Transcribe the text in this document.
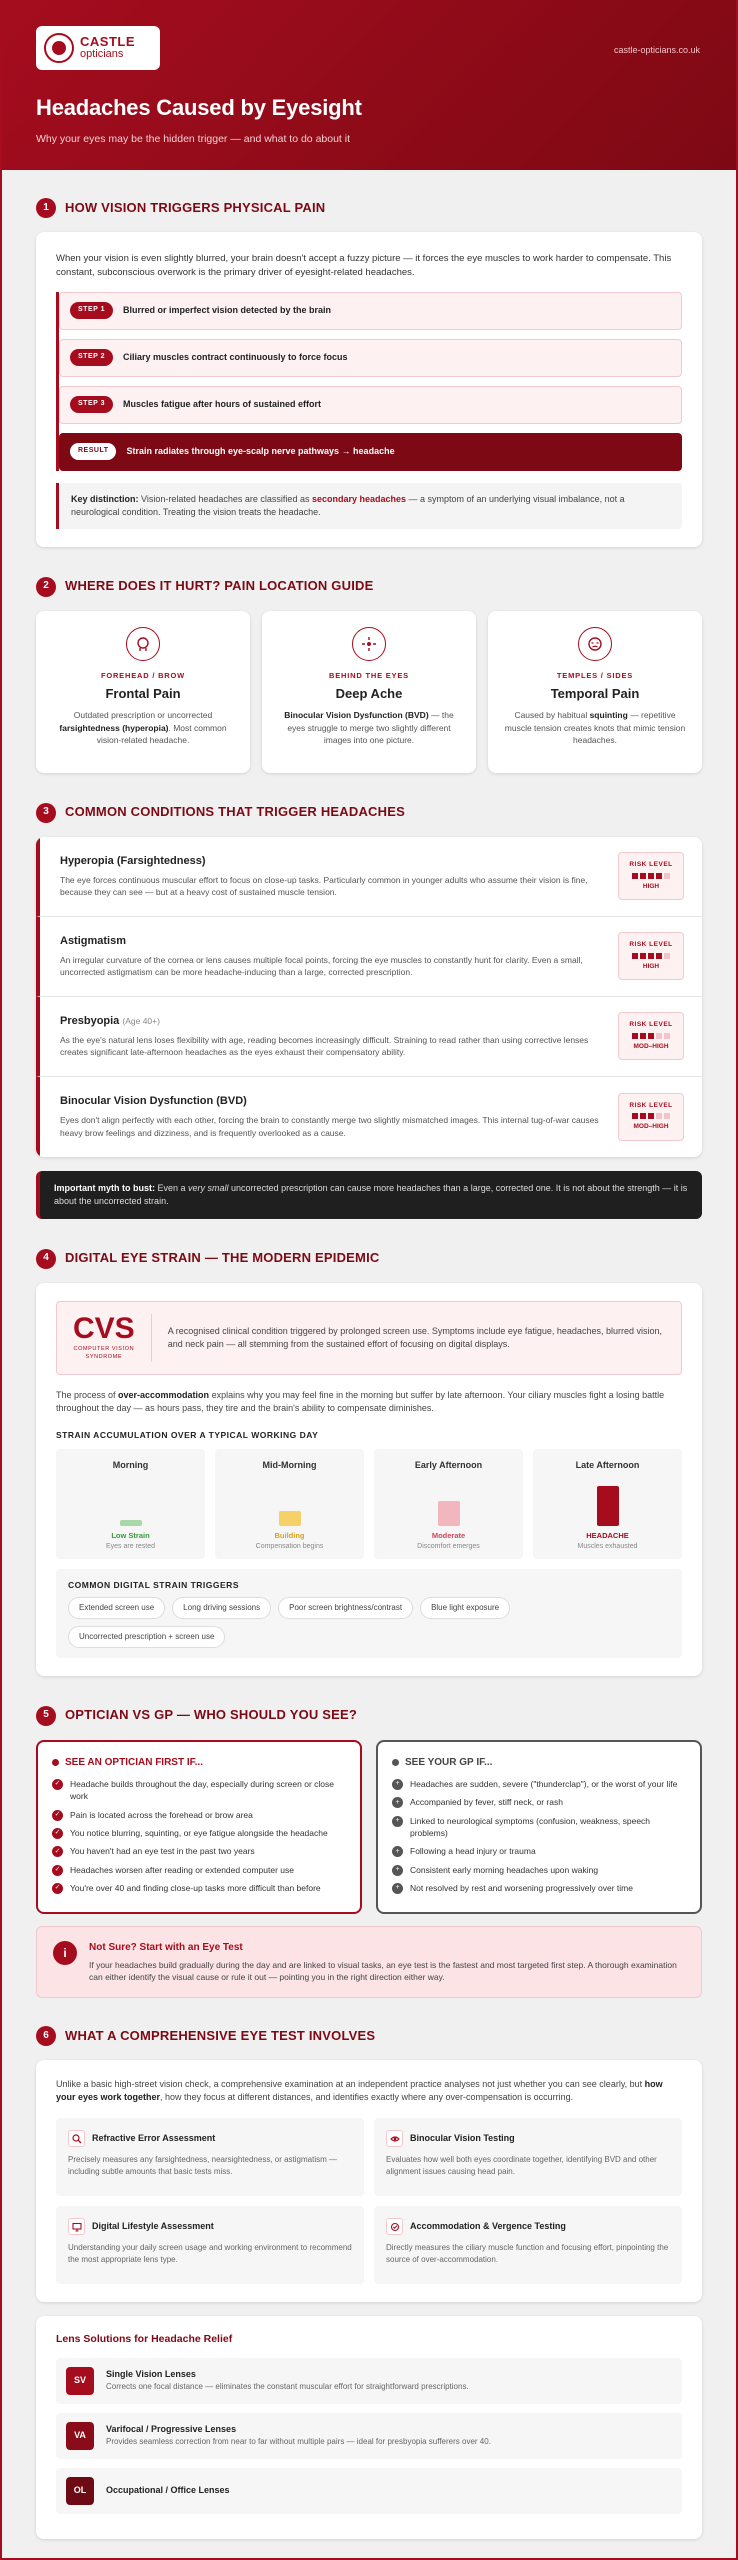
CASTLE
opticians	castle-opticians.co.uk
Headaches Caused by Eyesight
Why your eyes may be the hidden trigger — and what to do about it
1	HOW VISION TRIGGERS PHYSICAL PAIN

When your vision is even slightly blurred, your brain doesn't accept a fuzzy picture — it forces the eye muscles to work harder to compensate. This constant, subconscious overwork is the primary driver of eyesight-related headaches.

STEP 1	Blurred or imperfect vision detected by the brain
STEP 2	Ciliary muscles contract continuously to force focus
STEP 3	Muscles fatigue after hours of sustained effort
RESULT	Strain radiates through eye-scalp nerve pathways → headache
Key distinction: Vision-related headaches are classified as secondary headaches — a symptom of an underlying visual imbalance, not a neurological condition. Treating the vision treats the headache.
2	WHERE DOES IT HURT? PAIN LOCATION GUIDE
FOREHEAD / BROW
Frontal Pain
Outdated prescription or uncorrected farsightedness (hyperopia). Most common vision-related headache.
BEHIND THE EYES
Deep Ache
Binocular Vision Dysfunction (BVD) — the eyes struggle to merge two slightly different images into one picture.
TEMPLES / SIDES
Temporal Pain
Caused by habitual squinting — repetitive muscle tension creates knots that mimic tension headaches.
3	COMMON CONDITIONS THAT TRIGGER HEADACHES
Hyperopia (Farsightedness)
The eye forces continuous muscular effort to focus on close-up tasks. Particularly common in younger adults who assume their vision is fine, because they can see — but at a heavy cost of sustained muscle tension.
RISK LEVEL
HIGH
Astigmatism
An irregular curvature of the cornea or lens causes multiple focal points, forcing the eye muscles to constantly hunt for clarity. Even a small, uncorrected astigmatism can be more headache-inducing than a large, corrected prescription.
RISK LEVEL
HIGH
Presbyopia (Age 40+)
As the eye's natural lens loses flexibility with age, reading becomes increasingly difficult. Straining to read rather than using corrective lenses creates significant late-afternoon headaches as the eyes exhaust their compensatory ability.
RISK LEVEL
MOD–HIGH
Binocular Vision Dysfunction (BVD)
Eyes don't align perfectly with each other, forcing the brain to constantly merge two slightly mismatched images. This internal tug-of-war causes heavy brow feelings and dizziness, and is frequently overlooked as a cause.
RISK LEVEL
MOD–HIGH
Important myth to bust: Even a very small uncorrected prescription can cause more headaches than a large, corrected one. It is not about the strength — it is about the uncorrected strain.
4	DIGITAL EYE STRAIN — THE MODERN EPIDEMIC
CVS
COMPUTER VISION SYNDROME
A recognised clinical condition triggered by prolonged screen use. Symptoms include eye fatigue, headaches, blurred vision, and neck pain — all stemming from the sustained effort of focusing on digital displays.

The process of over-accommodation explains why you may feel fine in the morning but suffer by late afternoon. Your ciliary muscles fight a losing battle throughout the day — as hours pass, they tire and the brain's ability to compensate diminishes.

STRAIN ACCUMULATION OVER A TYPICAL WORKING DAY
Morning
Low Strain
Eyes are rested
Mid-Morning
Building
Compensation begins
Early Afternoon
Moderate
Discomfort emerges
Late Afternoon
HEADACHE
Muscles exhausted
COMMON DIGITAL STRAIN TRIGGERS
Extended screen use	Long driving sessions	Poor screen brightness/contrast	Blue light exposure
Uncorrected prescription + screen use
5	OPTICIAN VS GP — WHO SHOULD YOU SEE?
SEE AN OPTICIAN FIRST IF...
✓	Headache builds throughout the day, especially during screen or close work
✓	Pain is located across the forehead or brow area
✓	You notice blurring, squinting, or eye fatigue alongside the headache
✓	You haven't had an eye test in the past two years
✓	Headaches worsen after reading or extended computer use
✓	You're over 40 and finding close-up tasks more difficult than before
SEE YOUR GP IF...
+	Headaches are sudden, severe ("thunderclap"), or the worst of your life
+	Accompanied by fever, stiff neck, or rash
+	Linked to neurological symptoms (confusion, weakness, speech problems)
+	Following a head injury or trauma
+	Consistent early morning headaches upon waking
+	Not resolved by rest and worsening progressively over time
i	Not Sure? Start with an Eye Test
If your headaches build gradually during the day and are linked to visual tasks, an eye test is the fastest and most targeted first step. A thorough examination can either identify the visual cause or rule it out — pointing you in the right direction either way.
6	WHAT A COMPREHENSIVE EYE TEST INVOLVES

Unlike a basic high-street vision check, a comprehensive examination at an independent practice analyses not just whether you can see clearly, but how your eyes work together, how they focus at different distances, and identifies exactly where any over-compensation is occurring.

Refractive Error Assessment
Precisely measures any farsightedness, nearsightedness, or astigmatism — including subtle amounts that basic tests miss.
Binocular Vision Testing
Evaluates how well both eyes coordinate together, identifying BVD and other alignment issues causing head pain.
Digital Lifestyle Assessment
Understanding your daily screen usage and working environment to recommend the most appropriate lens type.
Accommodation & Vergence Testing
Directly measures the ciliary muscle function and focusing effort, pinpointing the source of over-accommodation.
Lens Solutions for Headache Relief
SV
Single Vision Lenses
Corrects one focal distance — eliminates the constant muscular effort for straightforward prescriptions.
VA
Varifocal / Progressive Lenses
Provides seamless correction from near to far without multiple pairs — ideal for presbyopia sufferers over 40.
OL	Occupational / Office Lenses
